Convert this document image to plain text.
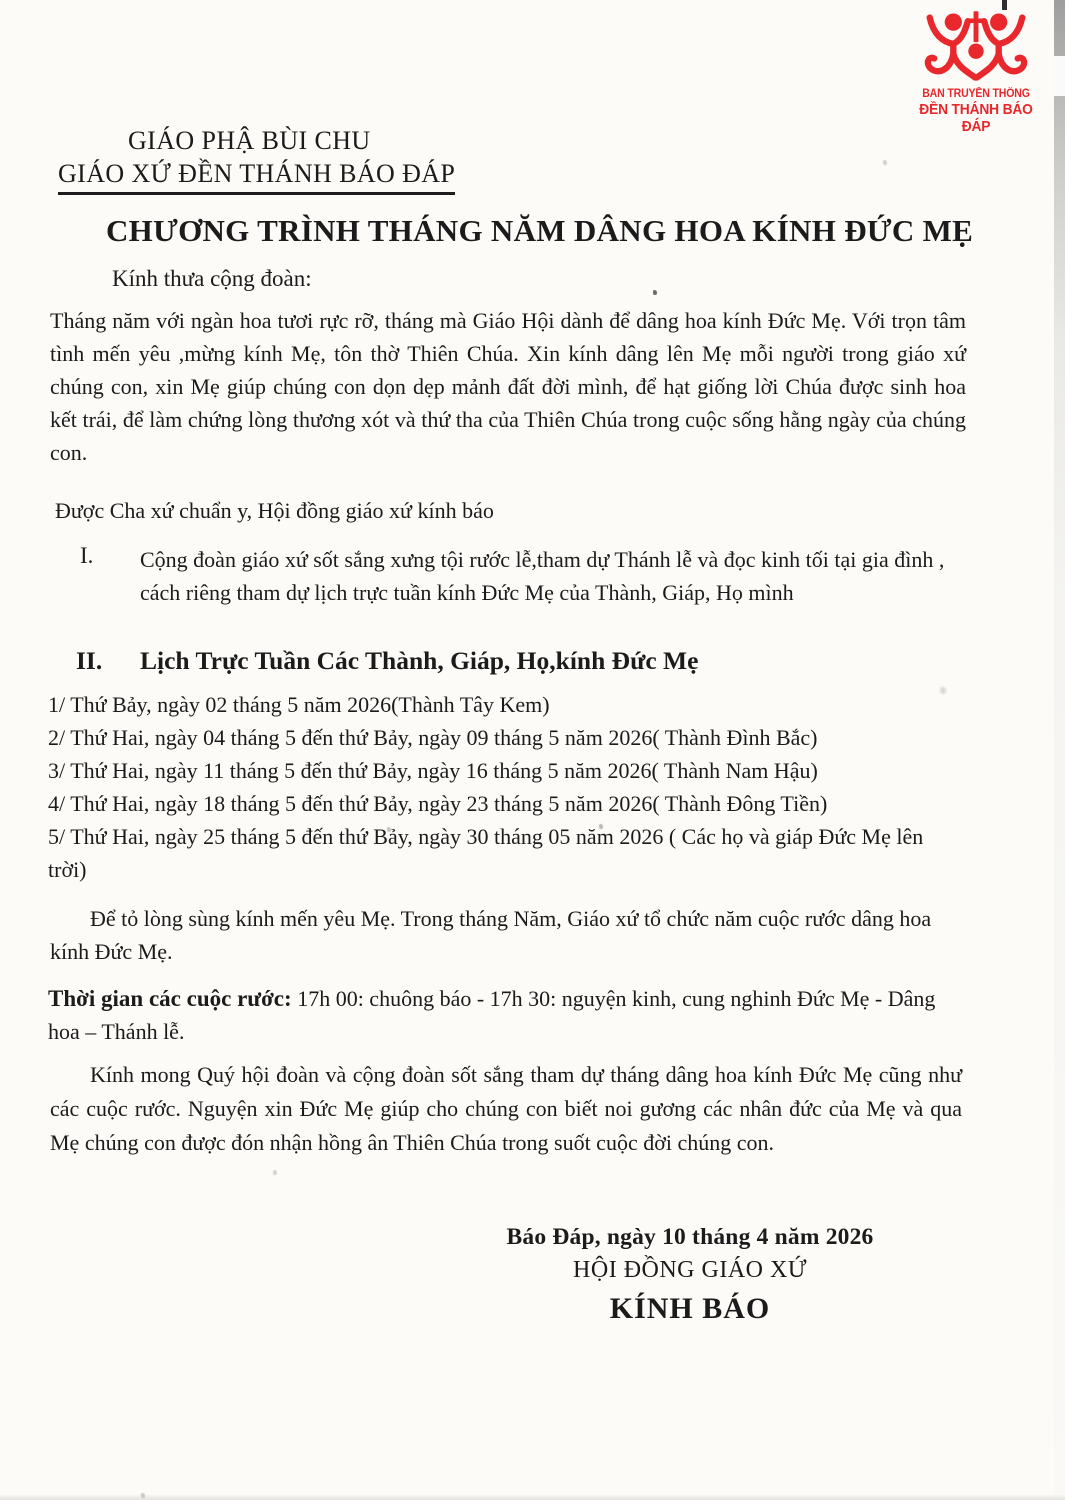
BAN TRUYỀN THÔNG
ĐỀN THÁNH BÁO ĐÁP
GIÁO PHẬ BÙI CHU
GIÁO XỨ ĐỀN THÁNH BÁO ĐÁP
CHƯƠNG TRÌNH THÁNG NĂM DÂNG HOA KÍNH ĐỨC MẸ
Kính thưa cộng đoàn:
Tháng năm với ngàn hoa tươi rực rỡ, tháng mà Giáo Hội dành để dâng hoa kính Đức Mẹ. Với trọn tâm tình mến yêu ,mừng kính Mẹ, tôn thờ Thiên Chúa. Xin kính dâng lên Mẹ mỗi người trong giáo xứ chúng con, xin Mẹ giúp chúng con dọn dẹp mảnh đất đời mình, để hạt giống lời Chúa được sinh hoa kết trái, để làm chứng lòng thương xót và thứ tha của Thiên Chúa trong cuộc sống hằng ngày của chúng con.
Được Cha xứ chuẩn y, Hội đồng giáo xứ kính báo
I.	Cộng đoàn giáo xứ sốt sắng xưng tội rước lễ,tham dự Thánh lễ và đọc kinh tối tại gia đình , cách riêng tham dự lịch trực tuần kính Đức Mẹ của Thành, Giáp, Họ mình
II.	Lịch Trực Tuần Các Thành, Giáp, Họ,kính Đức Mẹ
1/ Thứ Bảy, ngày 02 tháng 5 năm 2026(Thành Tây Kem)
2/ Thứ Hai, ngày 04 tháng 5 đến thứ Bảy, ngày 09 tháng 5 năm 2026( Thành Đình Bắc)
3/ Thứ Hai, ngày 11 tháng 5 đến thứ Bảy, ngày 16 tháng 5 năm 2026( Thành Nam Hậu)
4/ Thứ Hai, ngày 18 tháng 5 đến thứ Bảy, ngày 23 tháng 5 năm 2026( Thành Đông Tiền)
5/ Thứ Hai, ngày 25 tháng 5 đến thứ Bảy, ngày 30 tháng 05 năm 2026 ( Các họ và giáp Đức Mẹ lên trời)
Để tỏ lòng sùng kính mến yêu Mẹ. Trong tháng Năm, Giáo xứ tổ chức năm cuộc rước dâng hoa kính Đức Mẹ.
Thời gian các cuộc rước: 17h 00: chuông báo - 17h 30: nguyện kinh, cung nghinh Đức Mẹ - Dâng hoa – Thánh lễ.
Kính mong Quý hội đoàn và cộng đoàn sốt sắng tham dự tháng dâng hoa kính Đức Mẹ cũng như các cuộc rước. Nguyện xin Đức Mẹ giúp cho chúng con biết noi gương các nhân đức của Mẹ và qua Mẹ chúng con được đón nhận hồng ân Thiên Chúa trong suốt cuộc đời chúng con.
Báo Đáp, ngày 10 tháng 4 năm 2026
HỘI ĐỒNG GIÁO XỨ
KÍNH BÁO
